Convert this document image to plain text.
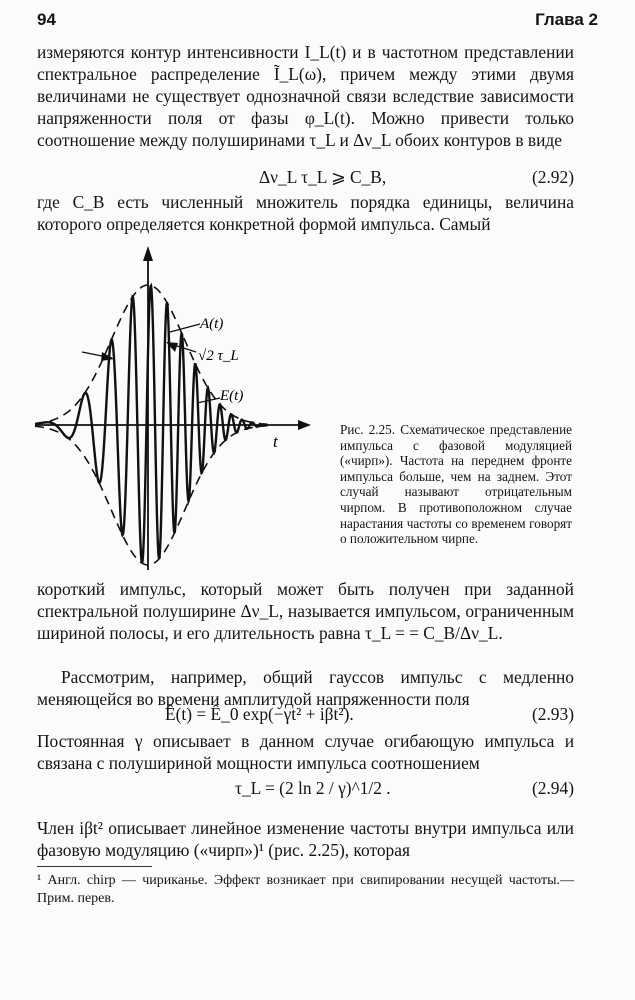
94	Глава 2
измеряются контур интенсивности I_L(t) и в частотном представлении спектральное распределение Ĩ_L(ω), причем между этими двумя величинами не существует однозначной связи вследствие зависимости напряженности поля от фазы φ_L(t). Можно привести только соотношение между полуширинами τ_L и Δν_L обоих контуров в виде
Δν_L τ_L ⩾ C_B,	(2.92)
где C_B есть численный множитель порядка единицы, величина которого определяется конкретной формой импульса. Самый
A(t)
√2 τ_L
E(t)
t
Рис. 2.25. Схематическое представление импульса с фазовой модуляцией («чирп»). Частота на переднем фронте импульса больше, чем на заднем. Этот случай называют отрицательным чирпом. В противоположном случае нарастания частоты со временем говорят о положительном чирпе.
короткий импульс, который может быть получен при заданной спектральной полуширине Δν_L, называется импульсом, ограниченным шириной полосы, и его длительность равна τ_L = = C_B/Δν_L.
Рассмотрим, например, общий гауссов импульс с медленно меняющейся во времени амплитудой напряженности поля
Ê(t) = Ê_0 exp(−γt² + iβt²).	(2.93)
Постоянная γ описывает в данном случае огибающую импульса и связана с полушириной мощности импульса соотношением
τ_L = (2 ln 2 / γ)^1/2 .	(2.94)
Член iβt² описывает линейное изменение частоты внутри импульса или фазовую модуляцию («чирп»)¹ (рис. 2.25), которая
¹ Англ. chirp — чириканье. Эффект возникает при свипировании несущей частоты.— Прим. перев.
